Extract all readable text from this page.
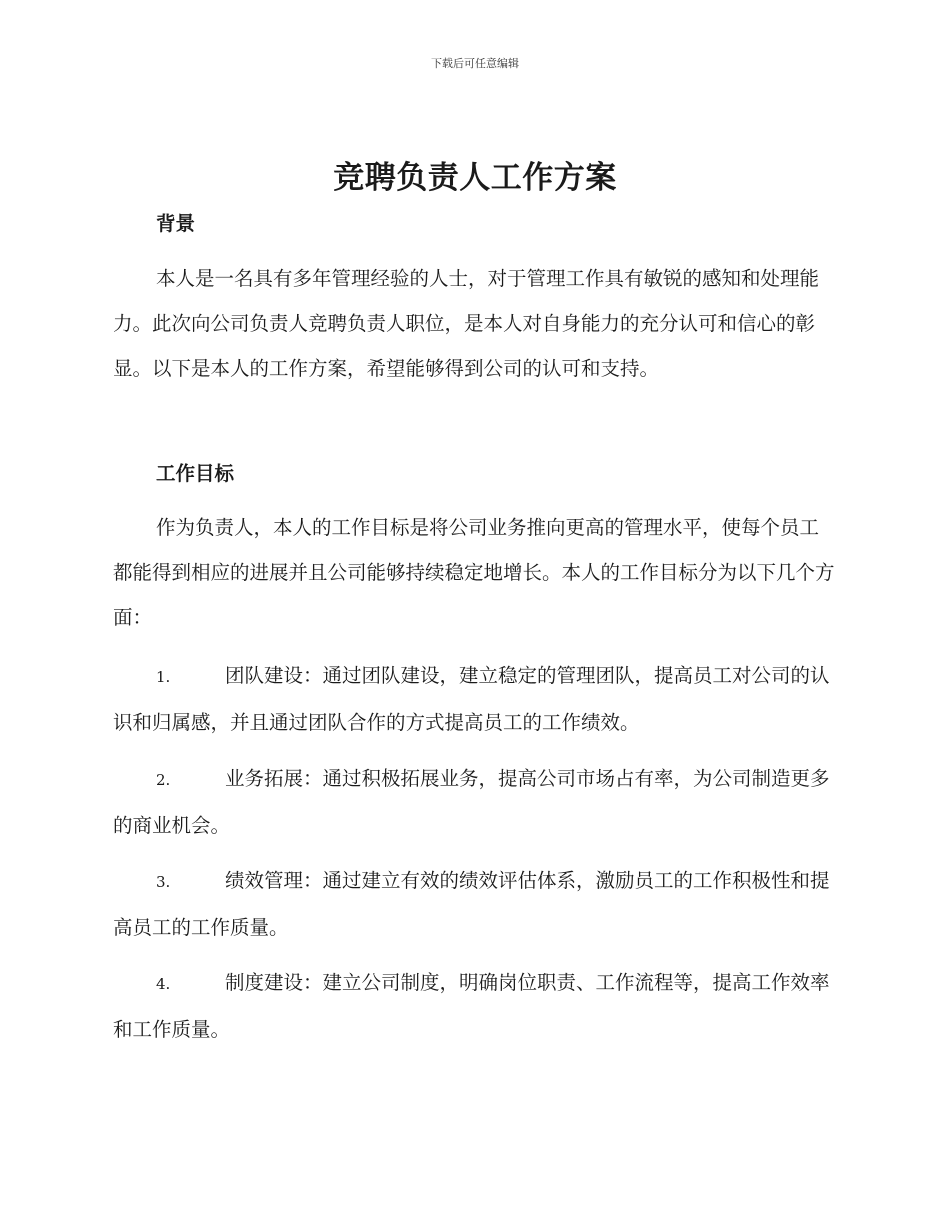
下载后可任意编辑
竞聘负责人工作方案
背景
本人是一名具有多年管理经验的人士，对于管理工作具有敏锐的感知和处理能力。此次向公司负责人竞聘负责人职位，是本人对自身能力的充分认可和信心的彰显。以下是本人的工作方案，希望能够得到公司的认可和支持。
工作目标
作为负责人，本人的工作目标是将公司业务推向更高的管理水平，使每个员工都能得到相应的进展并且公司能够持续稳定地增长。本人的工作目标分为以下几个方面：
1.	团队建设：通过团队建设，建立稳定的管理团队，提高员工对公司的认识和归属感，并且通过团队合作的方式提高员工的工作绩效。
2.	业务拓展：通过积极拓展业务，提高公司市场占有率，为公司制造更多的商业机会。
3.	绩效管理：通过建立有效的绩效评估体系，激励员工的工作积极性和提高员工的工作质量。
4.	制度建设：建立公司制度，明确岗位职责、工作流程等，提高工作效率和工作质量。
